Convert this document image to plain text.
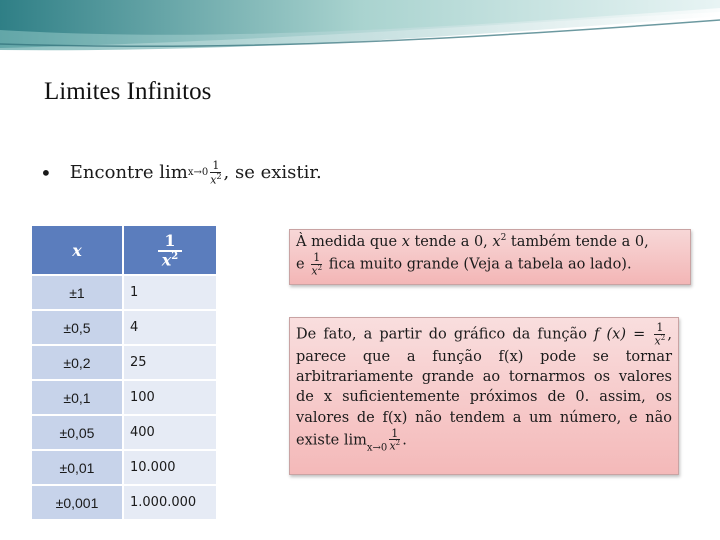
Limites Infinitos
• Encontre $\lim x\to 0 \frac{1}{x^2}$ , se existir.
x	$\frac{1}{x^2}$

±1	1
±0,5	4
±0,2	25
±0,1	100
±0,05	400
±0,01	10.000
±0,001	1.000.000
À medida que x tende a 0, $x^2$ também tende a 0,
e $\frac{1}{x^2}$ fica muito grande (Veja a tabela ao lado).
De fato, a partir do gráfico da função f $(x) = \frac{1}{x^2}$ , parece que a função f(x) pode se tornar arbitrariamente grande ao tornarmos os valores de x suficientemente próximos de 0. assim, os valores de f(x) não tendem a um número, e não existe $\lim_{x\to 0} \frac{1}{x^2}$ .
